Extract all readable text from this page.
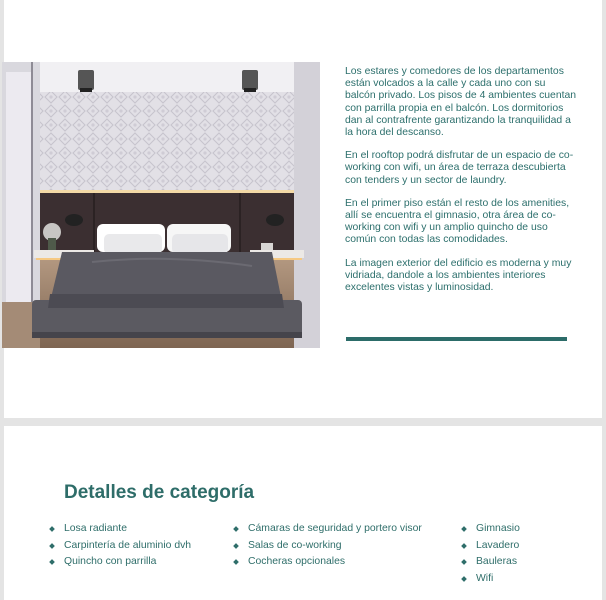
Los estares y comedores de los departamentos están volcados a la calle y cada uno con su balcón privado. Los pisos de 4 ambientes cuentan con parrilla propia en el balcón. Los dormitorios dan al contrafrente garantizando la tranquilidad a la hora del descanso.

En el rooftop podrá disfrutar de un espacio de co-working con wifi, un área de terraza descubierta con tenders y un sector de laundry.

En el primer piso están el resto de los amenities, allí se encuentra el gimnasio, otra área de co-working con wifi y un amplio quincho de uso común con todas las comodidades.

La imagen exterior del edificio es moderna y muy vidriada, dandole a los ambientes interiores excelentes vistas y luminosidad.

Detalles de categoría
Losa radiante
Carpintería de aluminio dvh
Quincho con parrilla
Cámaras de seguridad y portero visor
Salas de co-working
Cocheras opcionales
Gimnasio
Lavadero
Bauleras
Wifi
